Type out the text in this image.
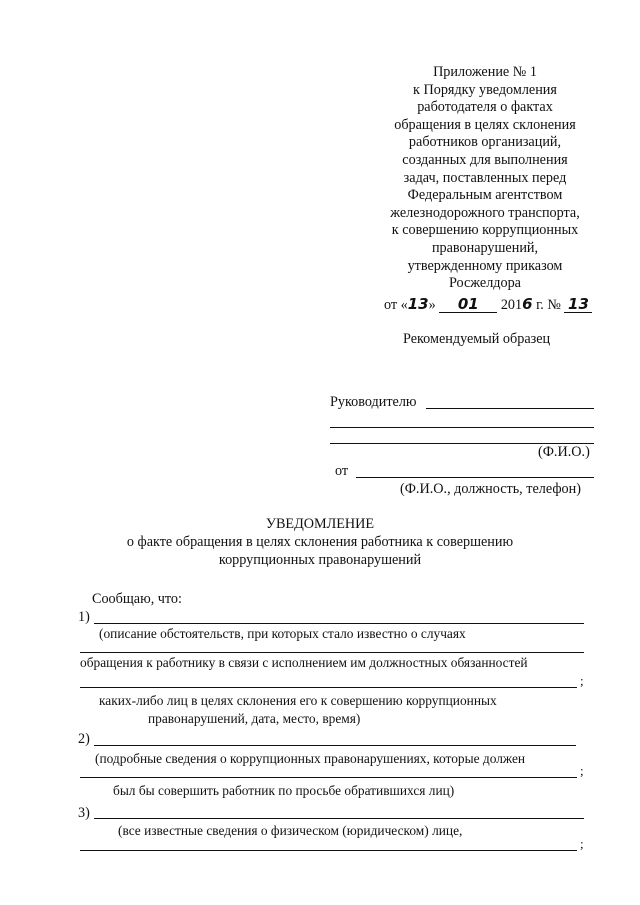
Приложение № 1
к Порядку уведомления
работодателя о фактах
обращения в целях склонения
работников организаций,
созданных для выполнения
задач, поставленных перед
Федеральным агентством
железнодорожного транспорта,
к совершению коррупционных
правонарушений,
утвержденному приказом
Росжелдора
от «13» 01 2016 г. № 13
Рекомендуемый образец
Руководителю
(Ф.И.О.)
от
(Ф.И.О., должность, телефон)
УВЕДОМЛЕНИЕ
о факте обращения в целях склонения работника к совершению
коррупционных правонарушений
Сообщаю, что:
1)
(описание обстоятельств, при которых стало известно о случаях
обращения к работнику в связи с исполнением им должностных обязанностей
;
каких-либо лиц в целях склонения его к совершению коррупционных
правонарушений, дата, место, время)
2)
(подробные сведения о коррупционных правонарушениях, которые должен
;
был бы совершить работник по просьбе обратившихся лиц)
3)
(все известные сведения о физическом (юридическом) лице,
;
